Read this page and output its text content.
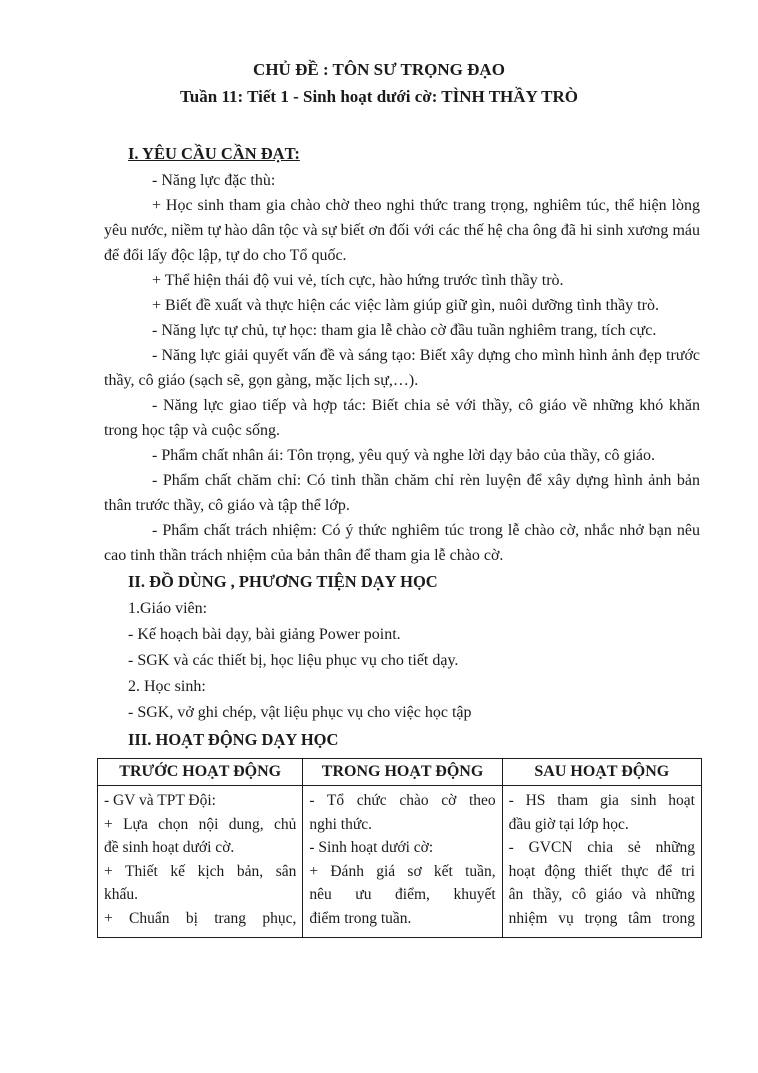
CHỦ ĐỀ : TÔN SƯ TRỌNG ĐẠO
Tuần 11: Tiết 1 - Sinh hoạt dưới cờ: TÌNH THẦY TRÒ
I. YÊU CẦU CẦN ĐẠT:

- Năng lực đặc thù:

+ Học sinh tham gia chào chờ theo nghi thức trang trọng, nghiêm túc, thể hiện lòng yêu nước, niềm tự hào dân tộc và sự biết ơn đối với các thế hệ cha ông đã hi sinh xương máu để đổi lấy độc lập, tự do cho Tổ quốc.

+ Thể hiện thái độ vui vẻ, tích cực, hào hứng trước tình thầy trò.

+ Biết đề xuất và thực hiện các việc làm giúp giữ gìn, nuôi dưỡng tình thầy trò.

- Năng lực tự chủ, tự học: tham gia lễ chào cờ đầu tuần nghiêm trang, tích cực.

- Năng lực giải quyết vấn đề và sáng tạo: Biết xây dựng cho mình hình ảnh đẹp trước thầy, cô giáo (sạch sẽ, gọn gàng, mặc lịch sự,…).

- Năng lực giao tiếp và hợp tác: Biết chia sẻ với thầy, cô giáo về những khó khăn trong học tập và cuộc sống.

- Phẩm chất nhân ái: Tôn trọng, yêu quý và nghe lời dạy bảo của thầy, cô giáo.

- Phẩm chất chăm chỉ: Có tinh thần chăm chỉ rèn luyện để xây dựng hình ảnh bản thân trước thầy, cô giáo và tập thể lớp.

- Phẩm chất trách nhiệm: Có ý thức nghiêm túc trong lễ chào cờ, nhắc nhở bạn nêu cao tinh thần trách nhiệm của bản thân để tham gia lễ chào cờ.

II. ĐỒ DÙNG , PHƯƠNG TIỆN DẠY HỌC
1.Giáo viên:
- Kế hoạch bài dạy, bài giảng Power point.
- SGK và các thiết bị, học liệu phục vụ cho tiết dạy.
2. Học sinh:
- SGK, vở ghi chép, vật liệu phục vụ cho việc học tập
III. HOẠT ĐỘNG DẠY HỌC
TRƯỚC HOẠT ĐỘNG	TRONG HOẠT ĐỘNG	SAU HOẠT ĐỘNG

- GV và TPT Đội:
+ Lựa chọn nội dung, chủ
đề sinh hoạt dưới cờ.
+ Thiết kế kịch bản, sân
khấu.
+ Chuẩn bị trang phục,

- Tổ chức chào cờ theo
nghi thức.
- Sinh hoạt dưới cờ:
+ Đánh giá sơ kết tuần,
nêu ưu điểm, khuyết
điểm trong tuần.

- HS tham gia sinh hoạt
đầu giờ tại lớp học.
- GVCN chia sẻ những
hoạt động thiết thực để tri
ân thầy, cô giáo và những
nhiệm vụ trọng tâm trong
